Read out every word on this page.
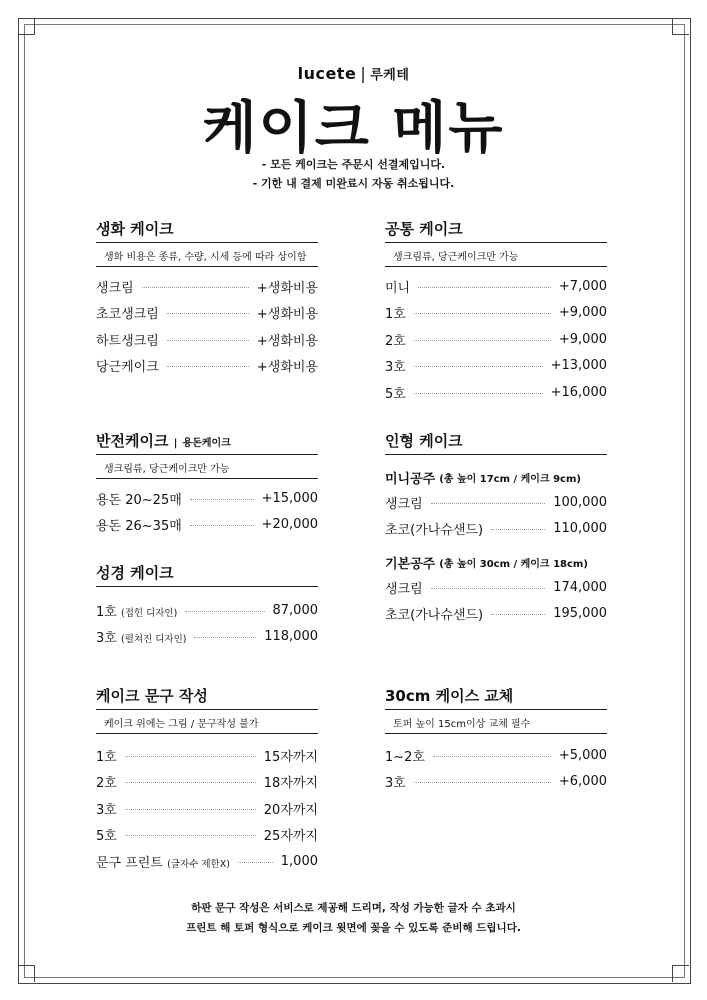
lucete | 루케테
케이크 메뉴
- 모든 케이크는 주문시 선결제입니다.
- 기한 내 결제 미완료시 자동 취소됩니다.
생화 케이크
생화 비용은 종류, 수량, 시세 등에 따라 상이함
생크림	+생화비용
초코생크림	+생화비용
하트생크림	+생화비용
당근케이크	+생화비용
반전케이크 | 용돈케이크
생크림류, 당근케이크만 가능
용돈 20~25매	+15,000
용돈 26~35매	+20,000
성경 케이크
1호 (접힌 디자인)	87,000
3호 (펼쳐진 디자인)	118,000
케이크 문구 작성
케이크 위에는 그림 / 문구작성 불가
1호	15자까지
2호	18자까지
3호	20자까지
5호	25자까지
문구 프린트 (글자수 제한X)	1,000
공통 케이크
생크림류, 당근케이크만 가능
미니	+7,000
1호	+9,000
2호	+9,000
3호	+13,000
5호	+16,000
인형 케이크
미니공주 (총 높이 17cm / 케이크 9cm)
생크림	100,000
초코(가나슈샌드)	110,000
기본공주 (총 높이 30cm / 케이크 18cm)
생크림	174,000
초코(가나슈샌드)	195,000
30cm 케이스 교체
토퍼 높이 15cm이상 교체 필수
1~2호	+5,000
3호	+6,000
하판 문구 작성은 서비스로 제공해 드리며, 작성 가능한 글자 수 초과시
프린트 해 토퍼 형식으로 케이크 윗면에 꽂을 수 있도록 준비해 드립니다.
